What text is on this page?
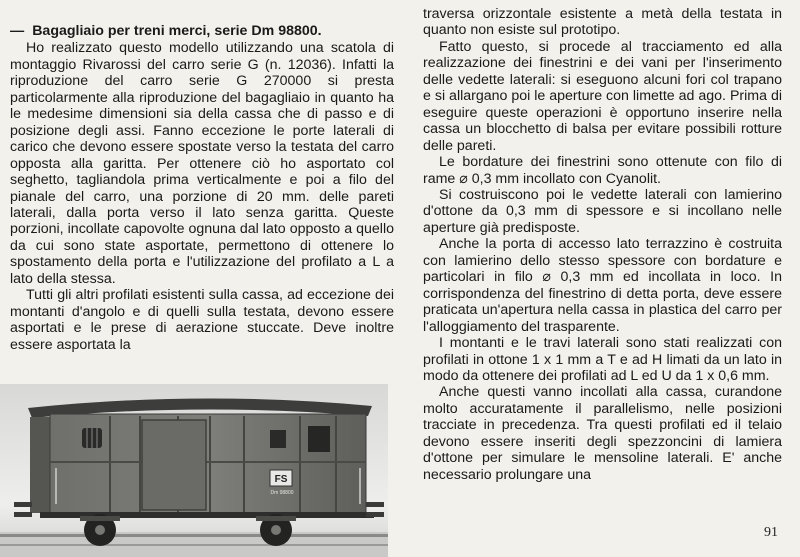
— Bagagliaio per treni merci, serie Dm 98800.

Ho realizzato questo modello utilizzando una scatola di montaggio Rivarossi del carro serie G (n. 12036). Infatti la riproduzione del carro serie G 270000 si presta particolarmente alla riproduzione del bagagliaio in quanto ha le medesime dimensioni sia della cassa che di passo e di posizione degli assi. Fanno eccezione le porte laterali di carico che devono essere spostate verso la testata del carro opposta alla garitta. Per ottenere ciò ho asportato col seghetto, tagliandola prima verticalmente e poi a filo del pianale del carro, una porzione di 20 mm. delle pareti laterali, dalla porta verso il lato senza garitta. Queste porzioni, incollate capovolte ognuna dal lato opposto a quello da cui sono state asportate, permettono di ottenere lo spostamento della porta e l'utilizzazione del profilato a L a lato della stessa.

Tutti gli altri profilati esistenti sulla cassa, ad eccezione dei montanti d'angolo e di quelli sulla testata, devono essere asportati e le prese di aerazione stuccate. Deve inoltre essere asportata la

traversa orizzontale esistente a metà della testata in quanto non esiste sul prototipo.

Fatto questo, si procede al tracciamento ed alla realizzazione dei finestrini e dei vani per l'inserimento delle vedette laterali: si eseguono alcuni fori col trapano e si allargano poi le aperture con limette ad ago. Prima di eseguire queste operazioni è opportuno inserire nella cassa un blocchetto di balsa per evitare possibili rotture delle pareti.

Le bordature dei finestrini sono ottenute con filo di rame ⌀ 0,3 mm incollato con Cyanolit.

Si costruiscono poi le vedette laterali con lamierino d'ottone da 0,3 mm di spessore e si incollano nelle aperture già predisposte.

Anche la porta di accesso lato terrazzino è costruita con lamierino dello stesso spessore con bordature e particolari in filo ⌀ 0,3 mm ed incollata in loco. In corrispondenza del finestrino di detta porta, deve essere praticata un'apertura nella cassa in plastica del carro per l'alloggiamento del trasparente.

I montanti e le travi laterali sono stati realizzati con profilati in ottone 1 x 1 mm a T e ad H limati da un lato in modo da ottenere dei profilati ad L ed U da 1 x 0,6 mm.

Anche questi vanno incollati alla cassa, curandone molto accuratamente il parallelismo, nelle posizioni tracciate in precedenza. Tra questi profilati ed il telaio devono essere inseriti degli spezzoncini di lamiera d'ottone per simulare le mensoline laterali. E' anche necessario prolungare una

FS
Dm 98800
91
